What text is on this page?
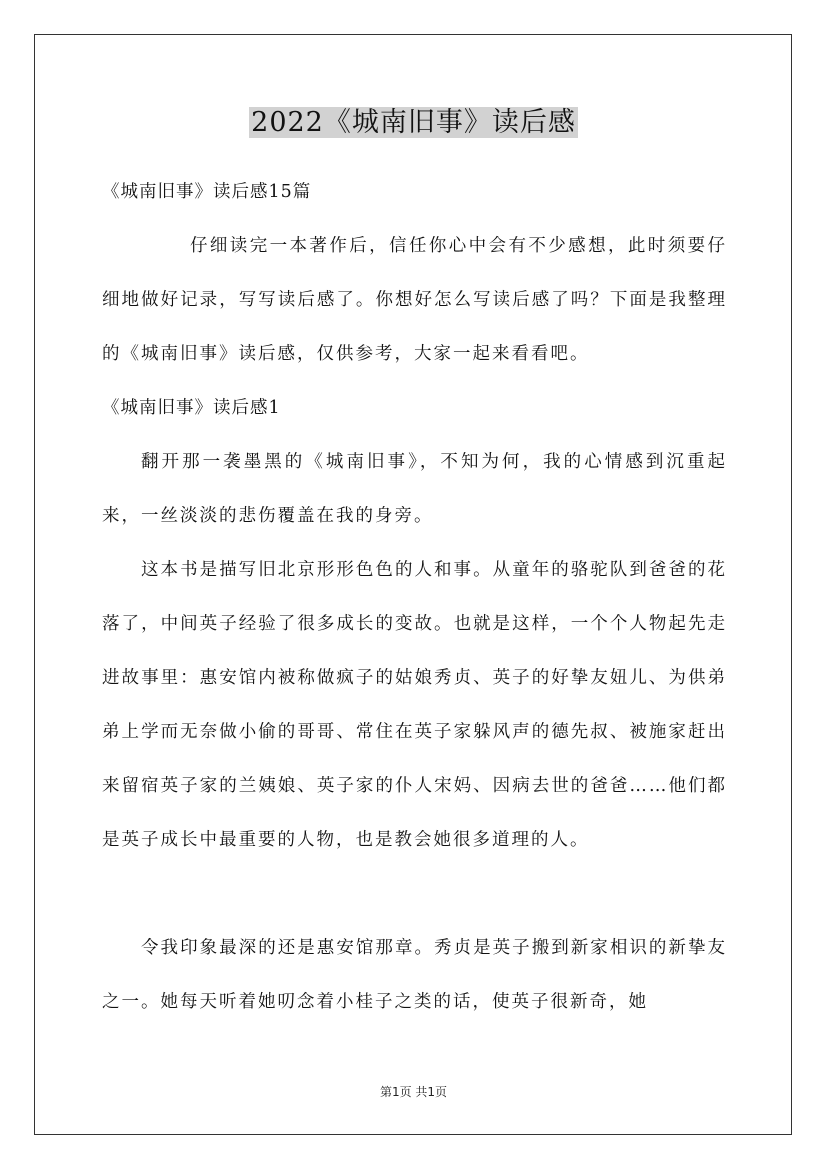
2022《城南旧事》读后感

《城南旧事》读后感15篇

仔细读完一本著作后，信任你心中会有不少感想，此时须要仔细地做好记录，写写读后感了。你想好怎么写读后感了吗？下面是我整理的《城南旧事》读后感，仅供参考，大家一起来看看吧。

《城南旧事》读后感1

翻开那一袭墨黑的《城南旧事》，不知为何，我的心情感到沉重起来，一丝淡淡的悲伤覆盖在我的身旁。

这本书是描写旧北京形形色色的人和事。从童年的骆驼队到爸爸的花落了，中间英子经验了很多成长的变故。也就是这样，一个个人物起先走进故事里：惠安馆内被称做疯子的姑娘秀贞、英子的好挚友妞儿、为供弟弟上学而无奈做小偷的哥哥、常住在英子家躲风声的德先叔、被施家赶出来留宿英子家的兰姨娘、英子家的仆人宋妈、因病去世的爸爸……他们都是英子成长中最重要的人物，也是教会她很多道理的人。

令我印象最深的还是惠安馆那章。秀贞是英子搬到新家相识的新挚友之一。她每天听着她叨念着小桂子之类的话，使英子很新奇，她

第1页 共1页
